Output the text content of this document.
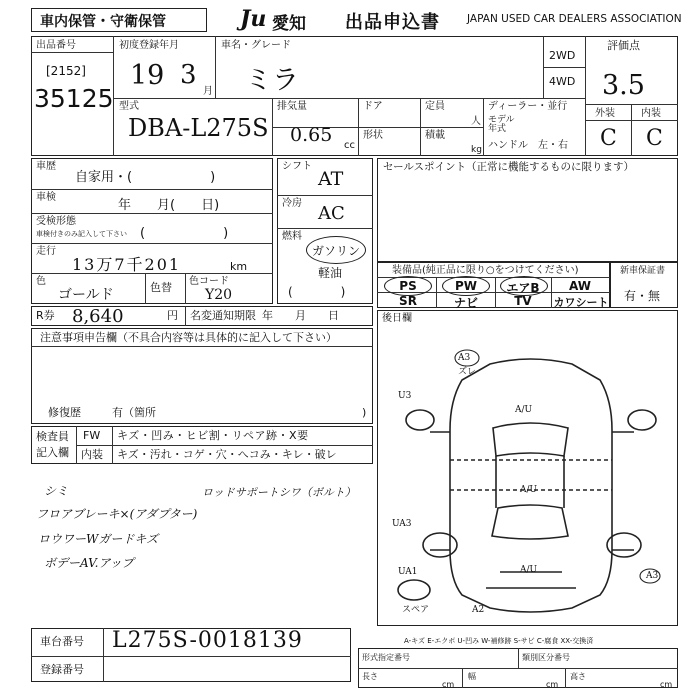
車内保管・守衛保管	Ju 愛知 出品申込書	JAPAN USED CAR DEALERS ASSOCIATION
出品番号
[2152]
35125
初度登録年月
19 3
月
車名・グレード
ミラ
2WD
4WD
評価点
3.5
外装	内装
C C
型式
DBA-L275S
排気量
0.65 cc
ドア	定員
人
形状	積載
kg
ディーラー・並行
モデル
年式
ハンドル　左・右
車歴
自家用・(　　　　　　)
車検
年　　月(　　日)
受検形態
車検付きのみ記入して下さい (　　　　　　)
走行
13万7千201	km
色
ゴールド	色替 色コード
Y20
シフト
AT
冷房 AC
燃料
ガソリン
軽油
(　　　　)
セールスポイント（正常に機能するものに限ります）
装備品(純正品に限り○をつけてください)
PS	PW	エアB	AW
SR	ナビ	TV	カワシート
新車保証書
有・無
R券 8,640	円 名変通知期限 年　　月　　日
注意事項申告欄（不具合内容等は具体的に記入して下さい）
修復歴	有（箇所	)
後日欄
A3
ズレ
U3
A/U
A/U
UA3
A/U
UA1	A3
A2
スペア
A-キズ E-エクボ U-凹み W-補修跡 S-サビ C-腐食 XX-交換済
検査員
記入欄
FW キズ・凹み・ヒビ割・リペア跡・X要
内装 キズ・汚れ・コゲ・穴・へコみ・キレ・破レ
シミ
フロアブレーキ×(アダプター)
ロウワーWガードキズ
ボデーAV.アップ
ロッドサポートシワ（ボルト）
車台番号 L275S-0018139
登録番号
形式指定番号	類別区分番号
長さ
cm
幅
cm
高さ
cm
